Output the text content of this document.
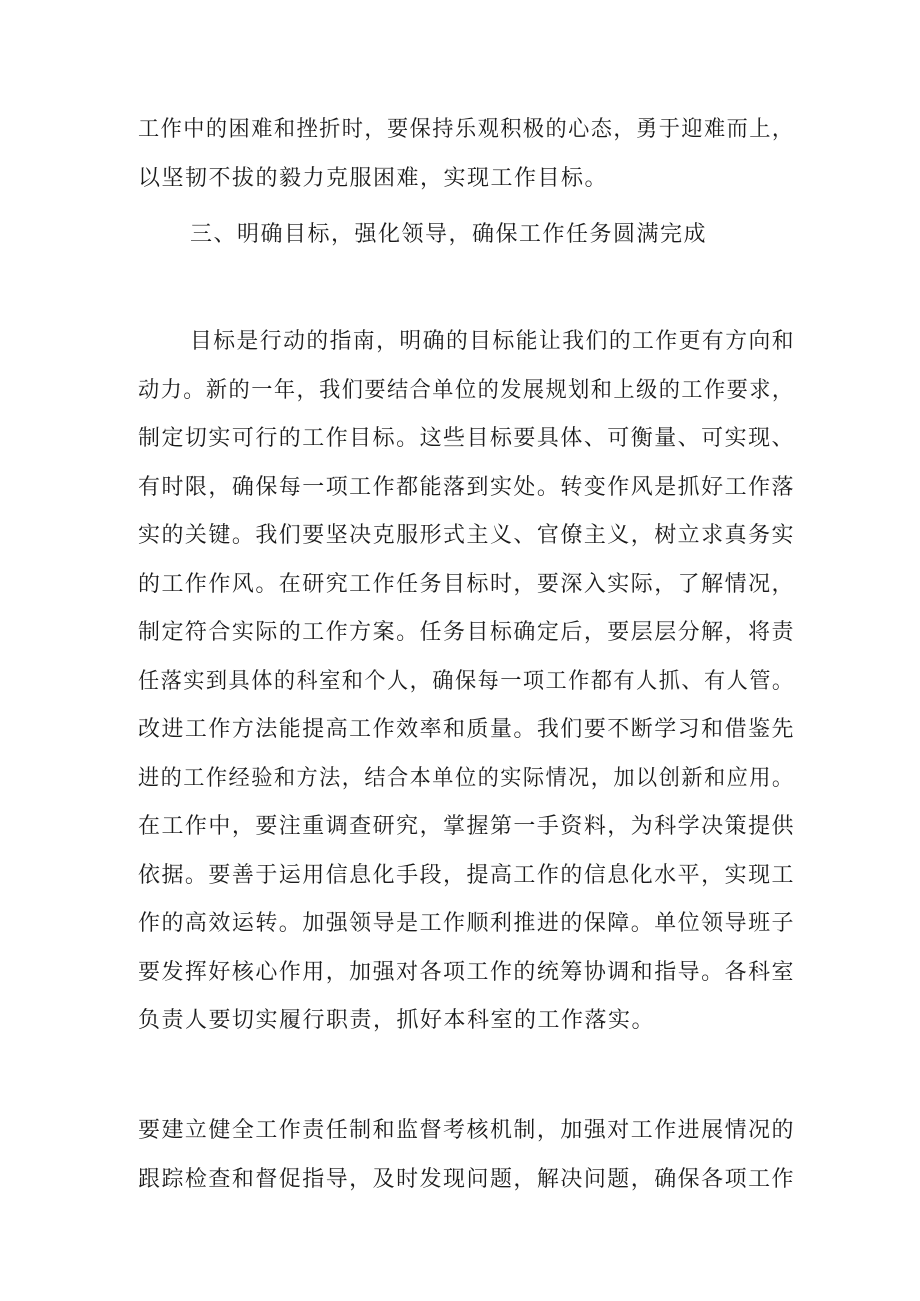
工作中的困难和挫折时，要保持乐观积极的心态，勇于迎难而上，
以坚韧不拔的毅力克服困难，实现工作目标。
三、明确目标，强化领导，确保工作任务圆满完成
目标是行动的指南，明确的目标能让我们的工作更有方向和
动力。新的一年，我们要结合单位的发展规划和上级的工作要求，
制定切实可行的工作目标。这些目标要具体、可衡量、可实现、
有时限，确保每一项工作都能落到实处。转变作风是抓好工作落
实的关键。我们要坚决克服形式主义、官僚主义，树立求真务实
的工作作风。在研究工作任务目标时，要深入实际，了解情况，
制定符合实际的工作方案。任务目标确定后，要层层分解，将责
任落实到具体的科室和个人，确保每一项工作都有人抓、有人管。
改进工作方法能提高工作效率和质量。我们要不断学习和借鉴先
进的工作经验和方法，结合本单位的实际情况，加以创新和应用。
在工作中，要注重调查研究，掌握第一手资料，为科学决策提供
依据。要善于运用信息化手段，提高工作的信息化水平，实现工
作的高效运转。加强领导是工作顺利推进的保障。单位领导班子
要发挥好核心作用，加强对各项工作的统筹协调和指导。各科室
负责人要切实履行职责，抓好本科室的工作落实。
要建立健全工作责任制和监督考核机制，加强对工作进展情况的
跟踪检查和督促指导，及时发现问题，解决问题，确保各项工作
